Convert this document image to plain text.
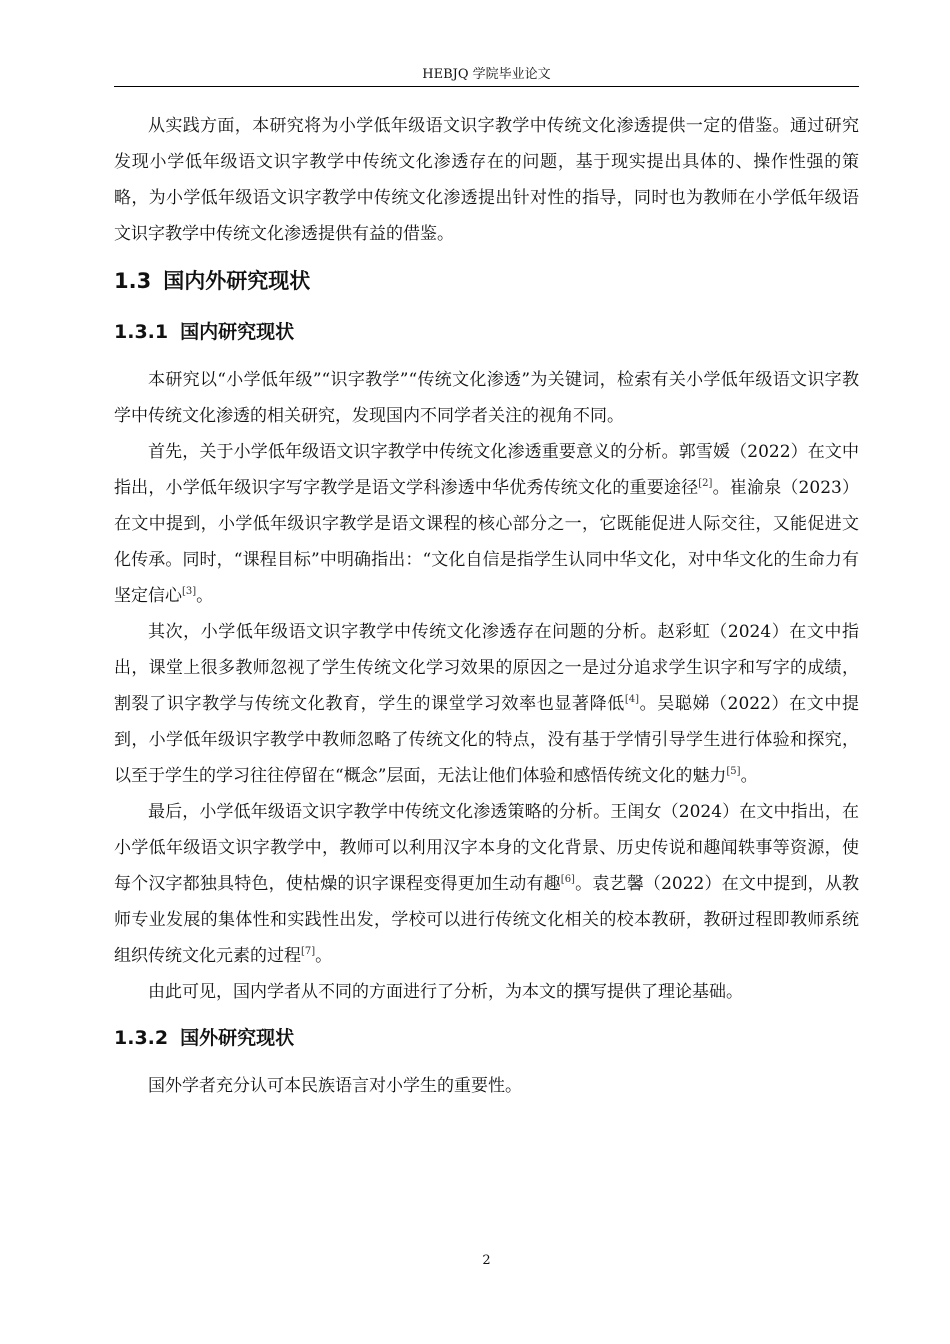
HEBJQ 学院毕业论文

从实践方面，本研究将为小学低年级语文识字教学中传统文化渗透提供一定的借鉴。通过研究发现小学低年级语文识字教学中传统文化渗透存在的问题，基于现实提出具体的、操作性强的策略，为小学低年级语文识字教学中传统文化渗透提出针对性的指导，同时也为教师在小学低年级语文识字教学中传统文化渗透提供有益的借鉴。

1.3 国内外研究现状
1.3.1 国内研究现状

本研究以“小学低年级”“识字教学”“传统文化渗透”为关键词，检索有关小学低年级语文识字教学中传统文化渗透的相关研究，发现国内不同学者关注的视角不同。

首先，关于小学低年级语文识字教学中传统文化渗透重要意义的分析。郭雪媛（2022）在文中指出，小学低年级识字写字教学是语文学科渗透中华优秀传统文化的重要途径[2]。崔渝泉（2023）在文中提到，小学低年级识字教学是语文课程的核心部分之一，它既能促进人际交往，又能促进文化传承。同时，“课程目标”中明确指出：“文化自信是指学生认同中华文化，对中华文化的生命力有坚定信心[3]。

其次，小学低年级语文识字教学中传统文化渗透存在问题的分析。赵彩虹（2024）在文中指出，课堂上很多教师忽视了学生传统文化学习效果的原因之一是过分追求学生识字和写字的成绩，割裂了识字教学与传统文化教育，学生的课堂学习效率也显著降低[4]。吴聪娣（2022）在文中提到，小学低年级识字教学中教师忽略了传统文化的特点，没有基于学情引导学生进行体验和探究，以至于学生的学习往往停留在“概念”层面，无法让他们体验和感悟传统文化的魅力[5]。

最后，小学低年级语文识字教学中传统文化渗透策略的分析。王闺女（2024）在文中指出，在小学低年级语文识字教学中，教师可以利用汉字本身的文化背景、历史传说和趣闻轶事等资源，使每个汉字都独具特色，使枯燥的识字课程变得更加生动有趣[6]。袁艺馨（2022）在文中提到，从教师专业发展的集体性和实践性出发，学校可以进行传统文化相关的校本教研，教研过程即教师系统组织传统文化元素的过程[7]。

由此可见，国内学者从不同的方面进行了分析，为本文的撰写提供了理论基础。

1.3.2 国外研究现状

国外学者充分认可本民族语言对小学生的重要性。

2
